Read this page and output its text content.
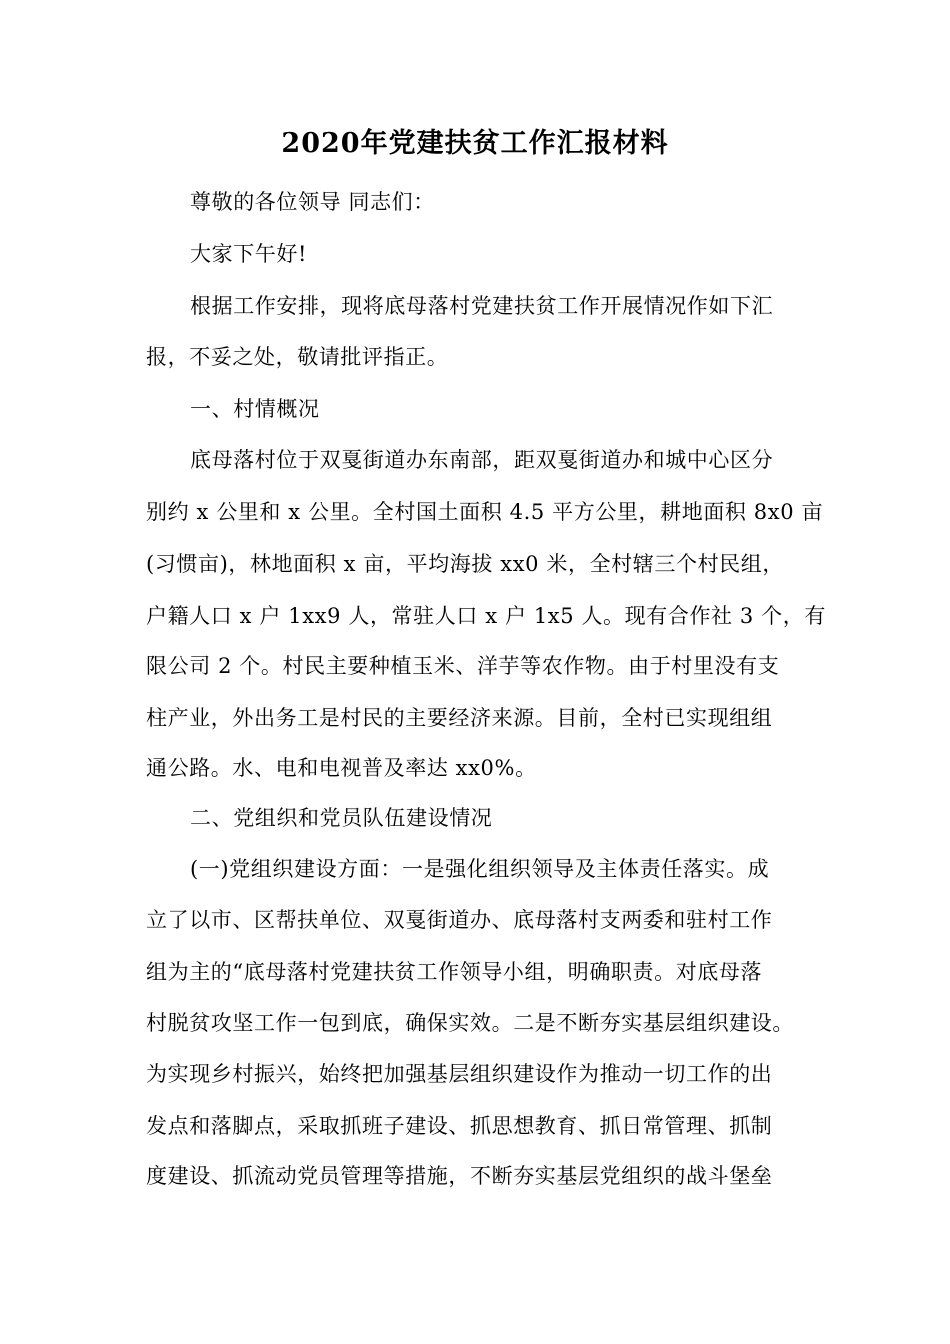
2020年党建扶贫工作汇报材料
尊敬的各位领导 同志们：
大家下午好!
根据工作安排，现将底母落村党建扶贫工作开展情况作如下汇
报，不妥之处，敬请批评指正。
一、村情概况
底母落村位于双戛街道办东南部，距双戛街道办和城中心区分
别约 x 公里和 x 公里。全村国土面积 4.5 平方公里，耕地面积 8x0 亩
(习惯亩)，林地面积 x 亩，平均海拔 xx0 米，全村辖三个村民组，
户籍人口 x 户 1xx9 人，常驻人口 x 户 1x5 人。现有合作社 3 个，有
限公司 2 个。村民主要种植玉米、洋芋等农作物。由于村里没有支
柱产业，外出务工是村民的主要经济来源。目前，全村已实现组组
通公路。水、电和电视普及率达 xx0%。
二、党组织和党员队伍建设情况
(一)党组织建设方面：一是强化组织领导及主体责任落实。成
立了以市、区帮扶单位、双戛街道办、底母落村支两委和驻村工作
组为主的“底母落村党建扶贫工作领导小组，明确职责。对底母落
村脱贫攻坚工作一包到底，确保实效。二是不断夯实基层组织建设。
为实现乡村振兴，始终把加强基层组织建设作为推动一切工作的出
发点和落脚点，采取抓班子建设、抓思想教育、抓日常管理、抓制
度建设、抓流动党员管理等措施，不断夯实基层党组织的战斗堡垒
